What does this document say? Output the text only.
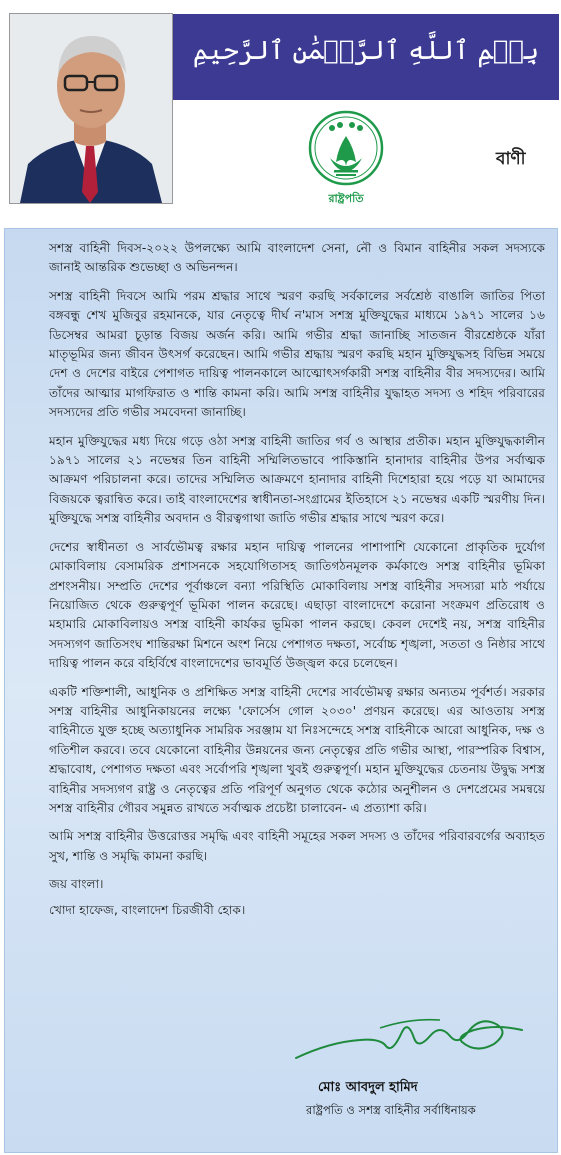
بِسۡمِ ٱللَّهِ ٱلرَّحۡمَٰنِ ٱلرَّحِيمِ
রাষ্ট্রপতি
বাণী

সশস্ত্র বাহিনী দিবস-২০২২ উপলক্ষ্যে আমি বাংলাদেশ সেনা, নৌ ও বিমান বাহিনীর সকল সদস্যকে জানাই আন্তরিক শুভেচ্ছা ও অভিনন্দন।

সশস্ত্র বাহিনী দিবসে আমি পরম শ্রদ্ধার সাথে স্মরণ করছি সর্বকালের সর্বশ্রেষ্ঠ বাঙালি জাতির পিতা বঙ্গবন্ধু শেখ মুজিবুর রহমানকে, যার নেতৃত্বে দীর্ঘ ন'মাস সশস্ত্র মুক্তিযুদ্ধের মাধ্যমে ১৯৭১ সালের ১৬ ডিসেম্বর আমরা চূড়ান্ত বিজয় অর্জন করি। আমি গভীর শ্রদ্ধা জানাচ্ছি সাতজন বীরশ্রেষ্ঠকে যাঁরা মাতৃভূমির জন্য জীবন উৎসর্গ করেছেন। আমি গভীর শ্রদ্ধায় স্মরণ করছি মহান মুক্তিযুদ্ধসহ বিভিন্ন সময়ে দেশ ও দেশের বাইরে পেশাগত দায়িত্ব পালনকালে আত্মোৎসর্গকারী সশস্ত্র বাহিনীর বীর সদস্যদের। আমি তাঁদের আত্মার মাগফিরাত ও শান্তি কামনা করি। আমি সশস্ত্র বাহিনীর যুদ্ধাহত সদস্য ও শহিদ পরিবারের সদস্যদের প্রতি গভীর সমবেদনা জানাচ্ছি।

মহান মুক্তিযুদ্ধের মধ্য দিয়ে গড়ে ওঠা সশস্ত্র বাহিনী জাতির গর্ব ও আস্থার প্রতীক। মহান মুক্তিযুদ্ধকালীন ১৯৭১ সালের ২১ নভেম্বর তিন বাহিনী সম্মিলিতভাবে পাকিস্তানি হানাদার বাহিনীর উপর সর্বাত্মক আক্রমণ পরিচালনা করে। তাদের সম্মিলিত আক্রমণে হানাদার বাহিনী দিশেহারা হয়ে পড়ে যা আমাদের বিজয়কে ত্বরান্বিত করে। তাই বাংলাদেশের স্বাধীনতা-সংগ্রামের ইতিহাসে ২১ নভেম্বর একটি স্মরণীয় দিন। মুক্তিযুদ্ধে সশস্ত্র বাহিনীর অবদান ও বীরত্বগাথা জাতি গভীর শ্রদ্ধার সাথে স্মরণ করে।

দেশের স্বাধীনতা ও সার্বভৌমত্ব রক্ষার মহান দায়িত্ব পালনের পাশাপাশি যেকোনো প্রাকৃতিক দুর্যোগ মোকাবিলায় বেসামরিক প্রশাসনকে সহযোগিতাসহ জাতিগঠনমূলক কর্মকাণ্ডে সশস্ত্র বাহিনীর ভূমিকা প্রশংসনীয়। সম্প্রতি দেশের পূর্বাঞ্চলে বন্যা পরিস্থিতি মোকাবিলায় সশস্ত্র বাহিনীর সদস্যরা মাঠ পর্যায়ে নিয়োজিত থেকে গুরুত্বপূর্ণ ভূমিকা পালন করেছে। এছাড়া বাংলাদেশে করোনা সংক্রমণ প্রতিরোধ ও মহামারি মোকাবিলায়ও সশস্ত্র বাহিনী কার্যকর ভূমিকা পালন করছে। কেবল দেশেই নয়, সশস্ত্র বাহিনীর সদস্যগণ জাতিসংঘ শান্তিরক্ষা মিশনে অংশ নিয়ে পেশাগত দক্ষতা, সর্বোচ্চ শৃঙ্খলা, সততা ও নিষ্ঠার সাথে দায়িত্ব পালন করে বহির্বিশ্বে বাংলাদেশের ভাবমূর্তি উজ্জ্বল করে চলেছেন।

একটি শক্তিশালী, আধুনিক ও প্রশিক্ষিত সশস্ত্র বাহিনী দেশের সার্বভৌমত্ব রক্ষার অন্যতম পূর্বশর্ত। সরকার সশস্ত্র বাহিনীর আধুনিকায়নের লক্ষ্যে 'ফোর্সেস গোল ২০৩০' প্রণয়ন করেছে। এর আওতায় সশস্ত্র বাহিনীতে যুক্ত হচ্ছে অত্যাধুনিক সামরিক সরঞ্জাম যা নিঃসন্দেহে সশস্ত্র বাহিনীকে আরো আধুনিক, দক্ষ ও গতিশীল করবে। তবে যেকোনো বাহিনীর উন্নয়নের জন্য নেতৃত্বের প্রতি গভীর আস্থা, পারস্পরিক বিশ্বাস, শ্রদ্ধাবোধ, পেশাগত দক্ষতা এবং সর্বোপরি শৃঙ্খলা খুবই গুরুত্বপূর্ণ। মহান মুক্তিযুদ্ধের চেতনায় উদ্বুদ্ধ সশস্ত্র বাহিনীর সদস্যগণ রাষ্ট্র ও নেতৃত্বের প্রতি পরিপূর্ণ অনুগত থেকে কঠোর অনুশীলন ও দেশপ্রেমের সমন্বয়ে সশস্ত্র বাহিনীর গৌরব সমুন্নত রাখতে সর্বাত্মক প্রচেষ্টা চালাবেন- এ প্রত্যাশা করি।

আমি সশস্ত্র বাহিনীর উত্তরোত্তর সমৃদ্ধি এবং বাহিনী সমূহের সকল সদস্য ও তাঁদের পরিবারবর্গের অব্যাহত সুখ, শান্তি ও সমৃদ্ধি কামনা করছি।

জয় বাংলা।

খোদা হাফেজ, বাংলাদেশ চিরজীবী হোক।

মোঃ আবদুল হামিদ
রাষ্ট্রপতি ও সশস্ত্র বাহিনীর সর্বাধিনায়ক
